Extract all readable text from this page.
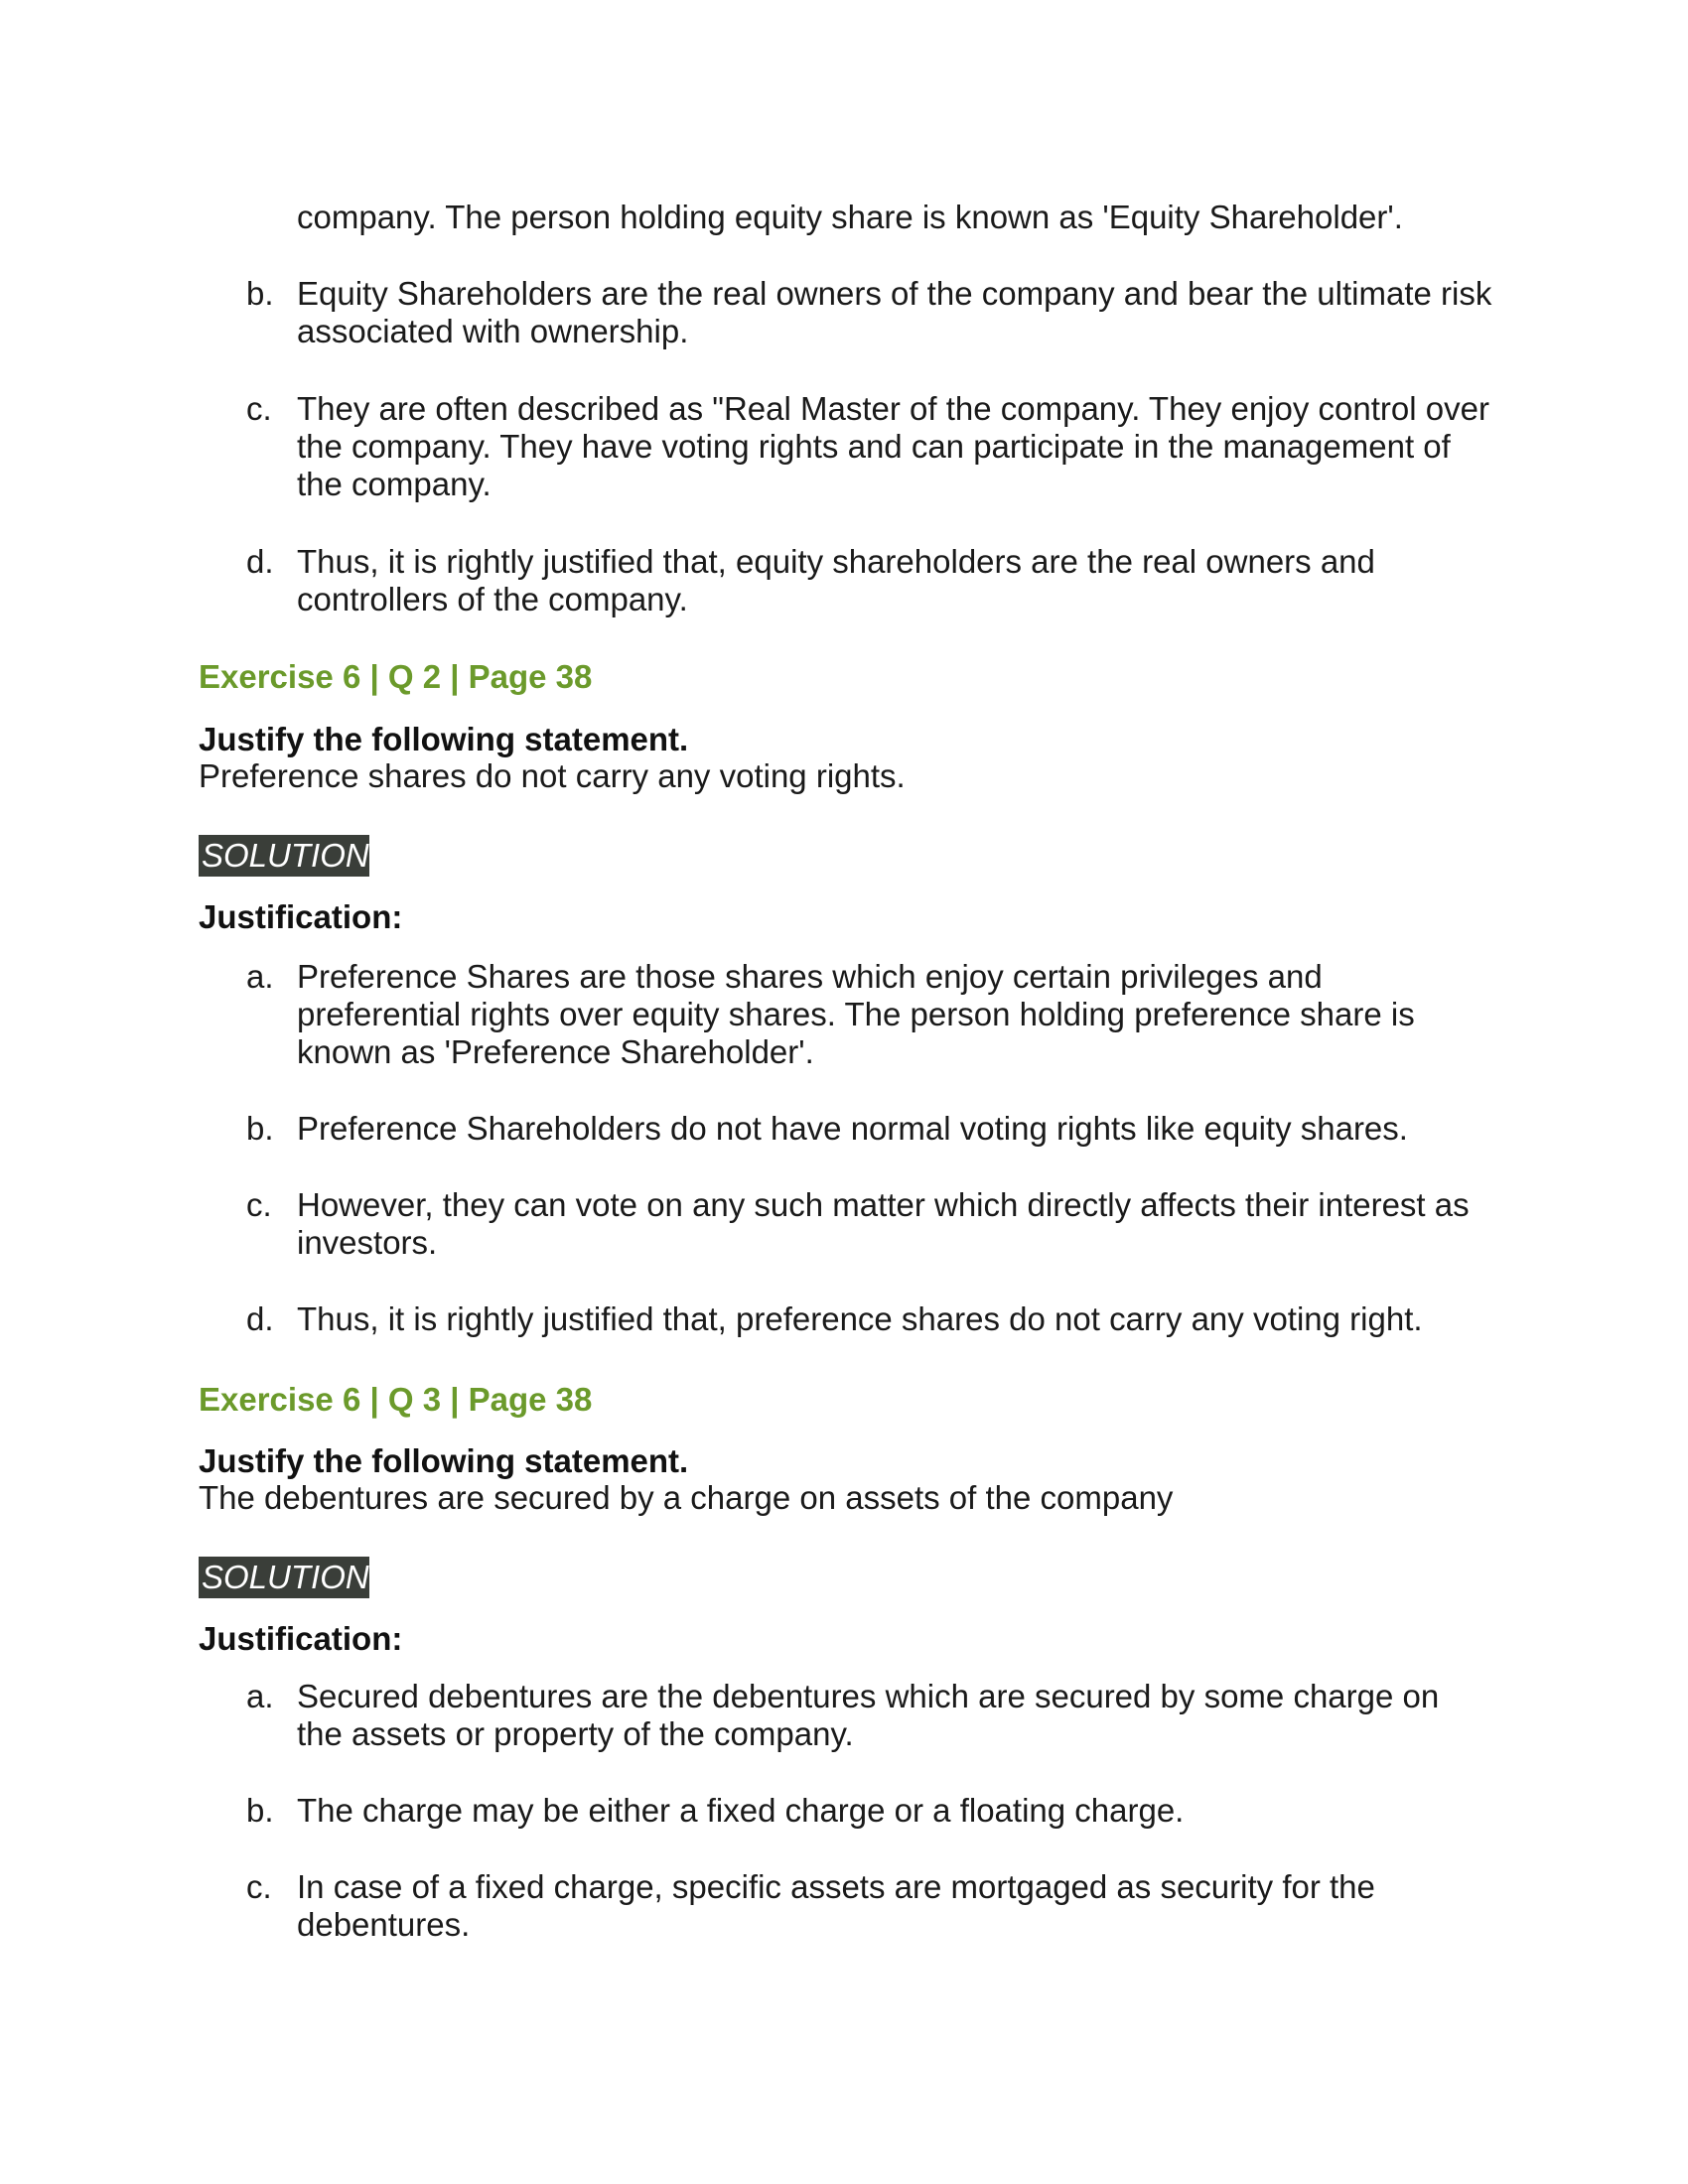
company. The person holding equity share is known as 'Equity Shareholder'.
b. Equity Shareholders are the real owners of the company and bear the ultimate risk associated with ownership.
c. They are often described as "Real Master of the company. They enjoy control over the company. They have voting rights and can participate in the management of the company.
d. Thus, it is rightly justified that, equity shareholders are the real owners and controllers of the company.
Exercise 6 | Q 2 | Page 38
Justify the following statement.
Preference shares do not carry any voting rights.
SOLUTION
Justification:
a. Preference Shares are those shares which enjoy certain privileges and preferential rights over equity shares. The person holding preference share is known as 'Preference Shareholder'.
b. Preference Shareholders do not have normal voting rights like equity shares.
c. However, they can vote on any such matter which directly affects their interest as investors.
d. Thus, it is rightly justified that, preference shares do not carry any voting right.
Exercise 6 | Q 3 | Page 38
Justify the following statement.
The debentures are secured by a charge on assets of the company
SOLUTION
Justification:
a. Secured debentures are the debentures which are secured by some charge on the assets or property of the company.
b. The charge may be either a fixed charge or a floating charge.
c. In case of a fixed charge, specific assets are mortgaged as security for the debentures.
